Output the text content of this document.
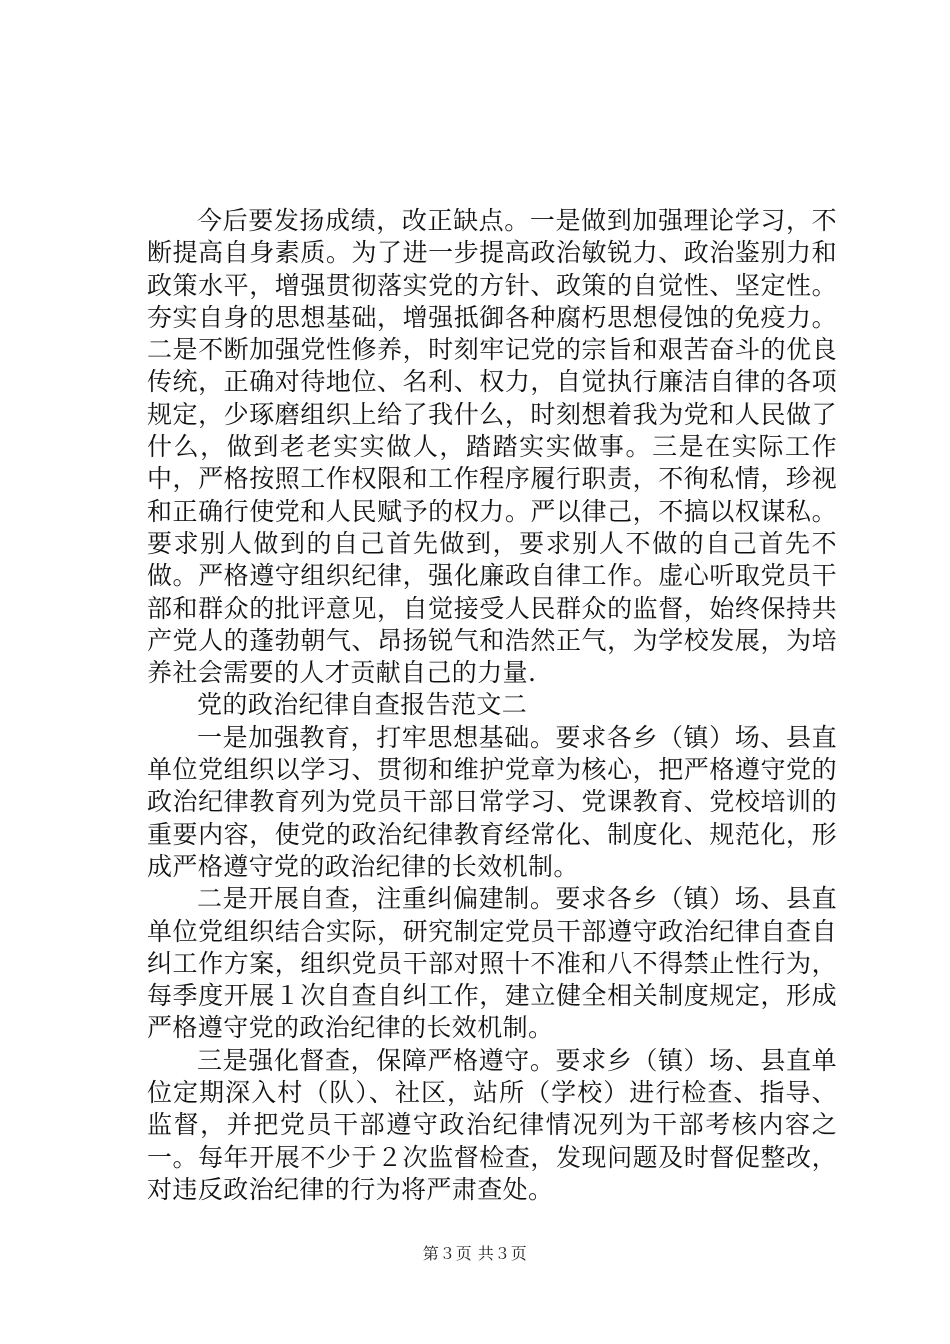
今后要发扬成绩，改正缺点。一是做到加强理论学习，不断提高自身素质。为了进一步提高政治敏锐力、政治鉴别力和政策水平，增强贯彻落实党的方针、政策的自觉性、坚定性。夯实自身的思想基础，增强抵御各种腐朽思想侵蚀的免疫力。二是不断加强党性修养，时刻牢记党的宗旨和艰苦奋斗的优良传统，正确对待地位、名利、权力，自觉执行廉洁自律的各项规定，少琢磨组织上给了我什么，时刻想着我为党和人民做了什么，做到老老实实做人，踏踏实实做事。三是在实际工作中，严格按照工作权限和工作程序履行职责，不徇私情，珍视和正确行使党和人民赋予的权力。严以律己，不搞以权谋私。要求别人做到的自己首先做到，要求别人不做的自己首先不做。严格遵守组织纪律，强化廉政自律工作。虚心听取党员干部和群众的批评意见，自觉接受人民群众的监督，始终保持共产党人的蓬勃朝气、昂扬锐气和浩然正气，为学校发展，为培养社会需要的人才贡献自己的力量.

党的政治纪律自查报告范文二

一是加强教育，打牢思想基础。要求各乡（镇）场、县直单位党组织以学习、贯彻和维护党章为核心，把严格遵守党的政治纪律教育列为党员干部日常学习、党课教育、党校培训的重要内容，使党的政治纪律教育经常化、制度化、规范化，形成严格遵守党的政治纪律的长效机制。

二是开展自查，注重纠偏建制。要求各乡（镇）场、县直单位党组织结合实际，研究制定党员干部遵守政治纪律自查自纠工作方案，组织党员干部对照十不准和八不得禁止性行为，每季度开展１次自查自纠工作，建立健全相关制度规定，形成严格遵守党的政治纪律的长效机制。

三是强化督查，保障严格遵守。要求乡（镇）场、县直单位定期深入村（队）、社区，站所（学校）进行检查、指导、监督，并把党员干部遵守政治纪律情况列为干部考核内容之一。每年开展不少于２次监督检查，发现问题及时督促整改，对违反政治纪律的行为将严肃查处。

第３页 共３页
